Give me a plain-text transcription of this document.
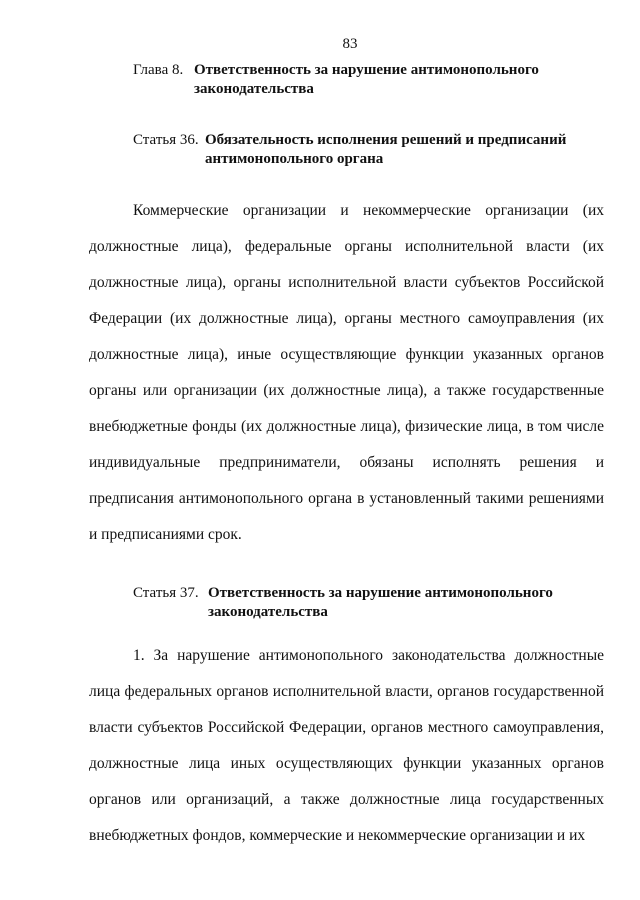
83
Глава 8. Ответственность за нарушение антимонопольного
законодательства
Статья 36. Обязательность исполнения решений и предписаний
антимонопольного органа

Коммерческие организации и некоммерческие организации (их должностные лица), федеральные органы исполнительной власти (их должностные лица), органы исполнительной власти субъектов Российской Федерации (их должностные лица), органы местного самоуправления (их должностные лица), иные осуществляющие функции указанных органов органы или организации (их должностные лица), а также государственные внебюджетные фонды (их должностные лица), физические лица, в том числе индивидуальные предприниматели, обязаны исполнять решения и предписания антимонопольного органа в установленный такими решениями и предписаниями срок.

Статья 37. Ответственность за нарушение антимонопольного
законодательства

1. За нарушение антимонопольного законодательства должностные лица федеральных органов исполнительной власти, органов государственной власти субъектов Российской Федерации, органов местного самоуправления, должностные лица иных осуществляющих функции указанных органов органов или организаций, а также должностные лица государственных внебюджетных фондов, коммерческие и некоммерческие организации и их
